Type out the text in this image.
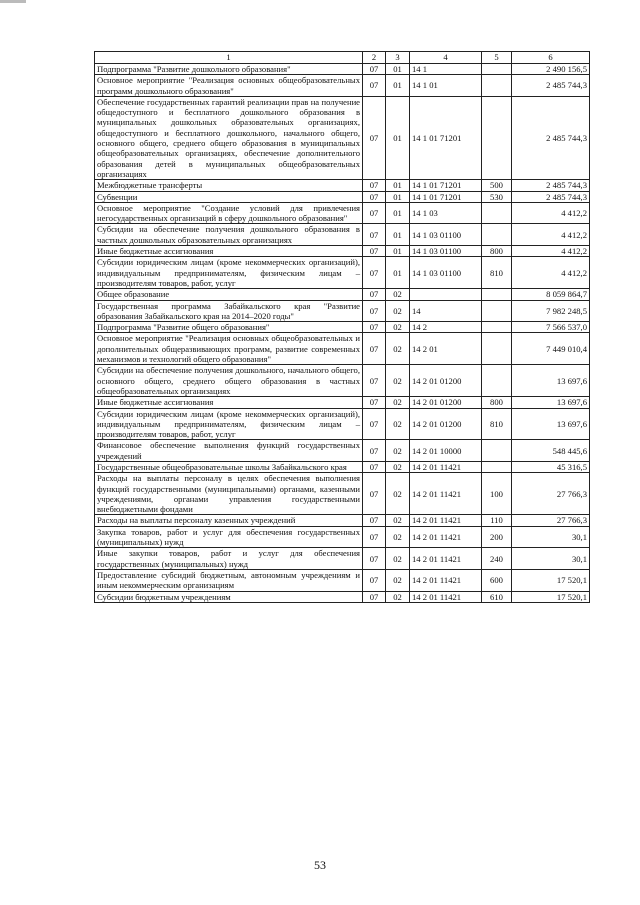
1	2	3	4	5	6
Подпрограмма "Развитие дошкольного образования"	07	01	14 1		2 490 156,5
Основное мероприятие "Реализация основных общеобразовательных программ дошкольного образования"	07	01	14 1 01		2 485 744,3
Обеспечение государственных гарантий реализации прав на получение общедоступного и бесплатного дошкольного образования в муниципальных дошкольных образовательных организациях, общедоступного и бесплатного дошкольного, начального общего, основного общего, среднего общего образования в муниципальных общеобразовательных организациях, обеспечение дополнительного образования детей в муниципальных общеобразовательных организациях	07	01	14 1 01 71201		2 485 744,3
Межбюджетные трансферты	07	01	14 1 01 71201	500	2 485 744,3
Субвенции	07	01	14 1 01 71201	530	2 485 744,3
Основное мероприятие "Создание условий для привлечения негосударственных организаций в сферу дошкольного образования"	07	01	14 1 03		4 412,2
Субсидии на обеспечение получения дошкольного образования в частных дошкольных образовательных организациях	07	01	14 1 03 01100		4 412,2
Иные бюджетные ассигнования	07	01	14 1 03 01100	800	4 412,2
Субсидии юридическим лицам (кроме некоммерческих организаций), индивидуальным предпринимателям, физическим лицам – производителям товаров, работ, услуг	07	01	14 1 03 01100	810	4 412,2
Общее образование	07	02			8 059 864,7
Государственная программа Забайкальского края "Развитие образования Забайкальского края на 2014–2020 годы"	07	02	14		7 982 248,5
Подпрограмма "Развитие общего образования"	07	02	14 2		7 566 537,0
Основное мероприятие "Реализация основных общеобразовательных и дополнительных общеразвивающих программ, развитие современных механизмов и технологий общего образования"	07	02	14 2 01		7 449 010,4
Субсидии на обеспечение получения дошкольного, начального общего, основного общего, среднего общего образования в частных общеобразовательных организациях	07	02	14 2 01 01200		13 697,6
Иные бюджетные ассигнования	07	02	14 2 01 01200	800	13 697,6
Субсидии юридическим лицам (кроме некоммерческих организаций), индивидуальным предпринимателям, физическим лицам – производителям товаров, работ, услуг	07	02	14 2 01 01200	810	13 697,6
Финансовое обеспечение выполнения функций государственных учреждений	07	02	14 2 01 10000		548 445,6
Государственные общеобразовательные школы Забайкальского края	07	02	14 2 01 11421		45 316,5
Расходы на выплаты персоналу в целях обеспечения выполнения функций государственными (муниципальными) органами, казенными учреждениями, органами управления государственными внебюджетными фондами	07	02	14 2 01 11421	100	27 766,3
Расходы на выплаты персоналу казенных учреждений	07	02	14 2 01 11421	110	27 766,3
Закупка товаров, работ и услуг для обеспечения государственных (муниципальных) нужд	07	02	14 2 01 11421	200	30,1
Иные закупки товаров, работ и услуг для обеспечения государственных (муниципальных) нужд	07	02	14 2 01 11421	240	30,1
Предоставление субсидий бюджетным, автономным учреждениям и иным некоммерческим организациям	07	02	14 2 01 11421	600	17 520,1
Субсидии бюджетным учреждениям	07	02	14 2 01 11421	610	17 520,1
53
